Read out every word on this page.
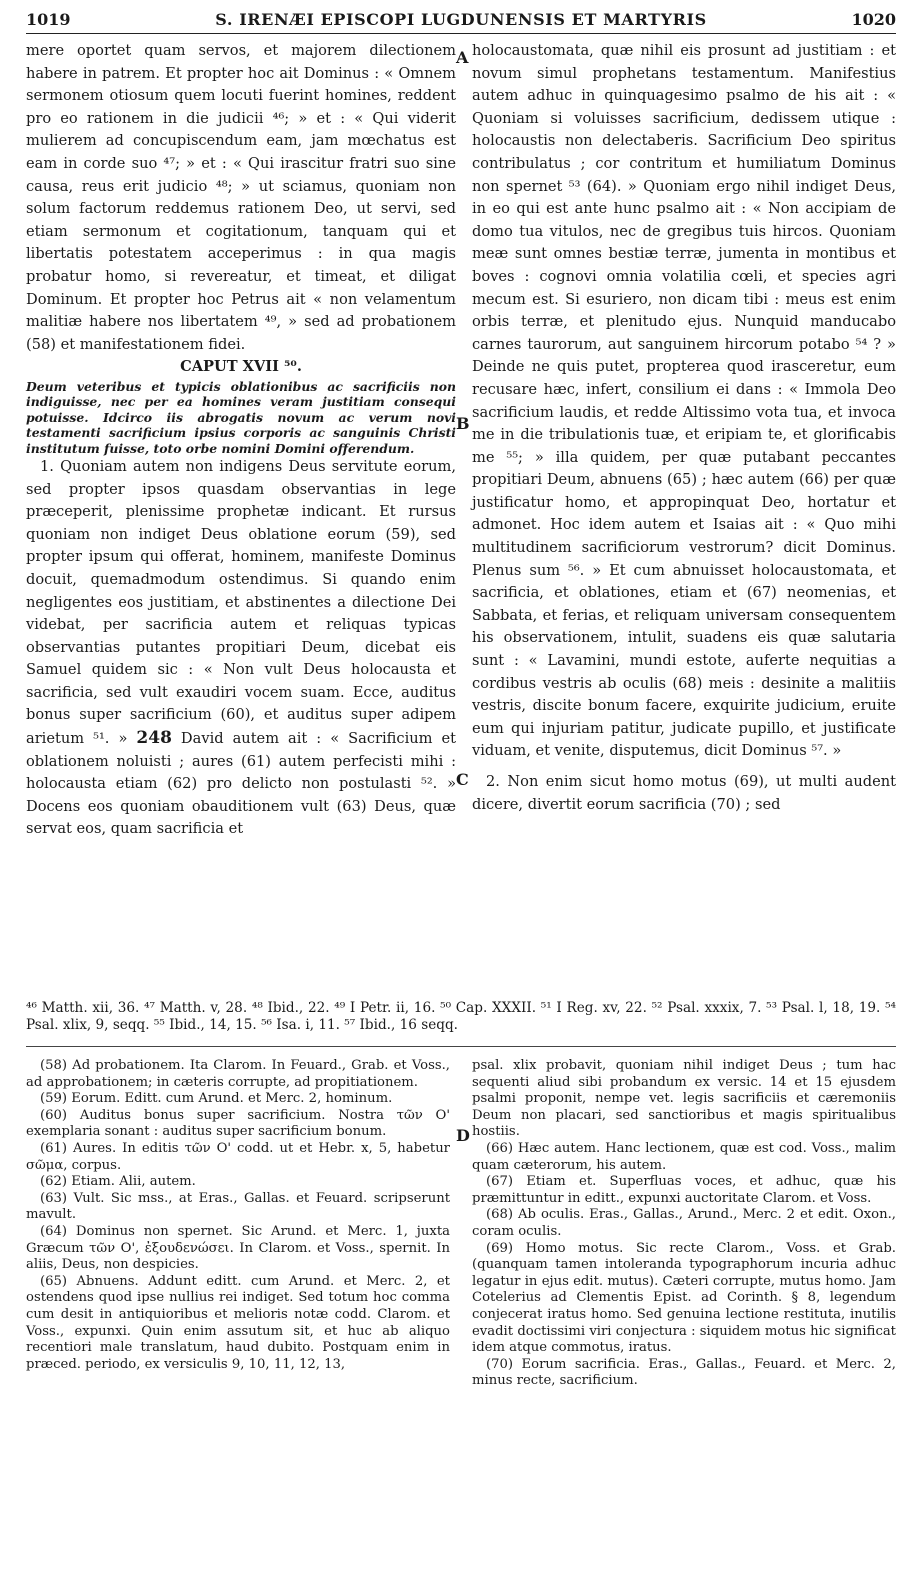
1019	S. IRENÆI EPISCOPI LUGDUNENSIS ET MARTYRIS	1020

mere oportet quam servos, et majorem dilectionem habere in patrem. Et propter hoc ait Dominus : « Omnem sermonem otiosum quem locuti fuerint homines, reddent pro eo rationem in die judicii ⁴⁶; » et : « Qui viderit mulierem ad concupiscendum eam, jam mœchatus est eam in corde suo ⁴⁷; » et : « Qui irascitur fratri suo sine causa, reus erit judicio ⁴⁸; » ut sciamus, quoniam non solum factorum reddemus rationem Deo, ut servi, sed etiam sermonum et cogitationum, tanquam qui et libertatis potestatem acceperimus : in qua magis probatur homo, si revereatur, et timeat, et diligat Dominum. Et propter hoc Petrus ait « non velamentum malitiæ habere nos libertatem ⁴⁹, » sed ad probationem (58) et manifestationem fidei.

CAPUT XVII ⁵⁰.

Deum veteribus et typicis oblationibus ac sacrificiis non indiguisse, nec per ea homines veram justitiam consequi potuisse. Idcirco iis abrogatis novum ac verum novi testamenti sacrificium ipsius corporis ac sanguinis Christi institutum fuisse, toto orbe nomini Domini offerendum.

1. Quoniam autem non indigens Deus servitute eorum, sed propter ipsos quasdam observantias in lege præceperit, plenissime prophetæ indicant. Et rursus quoniam non indiget Deus oblatione eorum (59), sed propter ipsum qui offerat, hominem, manifeste Dominus docuit, quemadmodum ostendimus. Si quando enim negligentes eos justitiam, et abstinentes a dilectione Dei videbat, per sacrificia autem et reliquas typicas observantias putantes propitiari Deum, dicebat eis Samuel quidem sic : « Non vult Deus holocausta et sacrificia, sed vult exaudiri vocem suam. Ecce, auditus bonus super sacrificium (60), et auditus super adipem arietum ⁵¹. » 248 David autem ait : « Sacrificium et oblationem noluisti ; aures (61) autem perfecisti mihi : holocausta etiam (62) pro delicto non postulasti ⁵². » Docens eos quoniam obauditionem vult (63) Deus, quæ servat eos, quam sacrificia et

A
B
C
D

holocaustomata, quæ nihil eis prosunt ad justitiam : et novum simul prophetans testamentum. Manifestius autem adhuc in quinquagesimo psalmo de his ait : « Quoniam si voluisses sacrificium, dedissem utique : holocaustis non delectaberis. Sacrificium Deo spiritus contribulatus ; cor contritum et humiliatum Dominus non spernet ⁵³ (64). » Quoniam ergo nihil indiget Deus, in eo qui est ante hunc psalmo ait : « Non accipiam de domo tua vitulos, nec de gregibus tuis hircos. Quoniam meæ sunt omnes bestiæ terræ, jumenta in montibus et boves : cognovi omnia volatilia cœli, et species agri mecum est. Si esuriero, non dicam tibi : meus est enim orbis terræ, et plenitudo ejus. Nunquid manducabo carnes taurorum, aut sanguinem hircorum potabo ⁵⁴ ? » Deinde ne quis putet, propterea quod irasceretur, eum recusare hæc, infert, consilium ei dans : « Immola Deo sacrificium laudis, et redde Altissimo vota tua, et invoca me in die tribulationis tuæ, et eripiam te, et glorificabis me ⁵⁵; » illa quidem, per quæ putabant peccantes propitiari Deum, abnuens (65) ; hæc autem (66) per quæ justificatur homo, et appropinquat Deo, hortatur et admonet. Hoc idem autem et Isaias ait : « Quo mihi multitudinem sacrificiorum vestrorum? dicit Dominus. Plenus sum ⁵⁶. » Et cum abnuisset holocaustomata, et sacrificia, et oblationes, etiam et (67) neomenias, et Sabbata, et ferias, et reliquam universam consequentem his observationem, intulit, suadens eis quæ salutaria sunt : « Lavamini, mundi estote, auferte nequitias a cordibus vestris ab oculis (68) meis : desinite a malitiis vestris, discite bonum facere, exquirite judicium, eruite eum qui injuriam patitur, judicate pupillo, et justificate viduam, et venite, disputemus, dicit Dominus ⁵⁷. »

2. Non enim sicut homo motus (69), ut multi audent dicere, divertit eorum sacrificia (70) ; sed

⁴⁶ Matth. xii, 36. ⁴⁷ Matth. v, 28. ⁴⁸ Ibid., 22. ⁴⁹ I Petr. ii, 16. ⁵⁰ Cap. XXXII. ⁵¹ I Reg. xv, 22. ⁵² Psal. xxxix, 7. ⁵³ Psal. l, 18, 19. ⁵⁴ Psal. xlix, 9, seqq. ⁵⁵ Ibid., 14, 15. ⁵⁶ Isa. i, 11. ⁵⁷ Ibid., 16 seqq.

(58) Ad probationem. Ita Clarom. In Feuard., Grab. et Voss., ad approbationem; in cæteris corrupte, ad propitiationem.

(59) Eorum. Editt. cum Arund. et Merc. 2, hominum.

(60) Auditus bonus super sacrificium. Nostra τῶν Ο' exemplaria sonant : auditus super sacrificium bonum.

(61) Aures. In editis τῶν Ο' codd. ut et Hebr. x, 5, habetur σῶμα, corpus.

(62) Etiam. Alii, autem.

(63) Vult. Sic mss., at Eras., Gallas. et Feuard. scripserunt mavult.

(64) Dominus non spernet. Sic Arund. et Merc. 1, juxta Græcum τῶν Ο', ἐξουδενώσει. In Clarom. et Voss., spernit. In aliis, Deus, non despicies.

(65) Abnuens. Addunt editt. cum Arund. et Merc. 2, et ostendens quod ipse nullius rei indiget. Sed totum hoc comma cum desit in antiquioribus et melioris notæ codd. Clarom. et Voss., expunxi. Quin enim assutum sit, et huc ab aliquo recentiori male translatum, haud dubito. Postquam enim in præced. periodo, ex versiculis 9, 10, 11, 12, 13,

psal. xlix probavit, quoniam nihil indiget Deus ; tum hac sequenti aliud sibi probandum ex versic. 14 et 15 ejusdem psalmi proponit, nempe vet. legis sacrificiis et cæremoniis Deum non placari, sed sanctioribus et magis spiritualibus hostiis.

(66) Hæc autem. Hanc lectionem, quæ est cod. Voss., malim quam cæterorum, his autem.

(67) Etiam et. Superfluas voces, et adhuc, quæ his præmittuntur in editt., expunxi auctoritate Clarom. et Voss.

(68) Ab oculis. Eras., Gallas., Arund., Merc. 2 et edit. Oxon., coram oculis.

(69) Homo motus. Sic recte Clarom., Voss. et Grab. (quanquam tamen intoleranda typographorum incuria adhuc legatur in ejus edit. mutus). Cæteri corrupte, mutus homo. Jam Cotelerius ad Clementis Epist. ad Corinth. § 8, legendum conjecerat iratus homo. Sed genuina lectione restituta, inutilis evadit doctissimi viri conjectura : siquidem motus hic significat idem atque commotus, iratus.

(70) Eorum sacrificia. Eras., Gallas., Feuard. et Merc. 2, minus recte, sacrificium.
